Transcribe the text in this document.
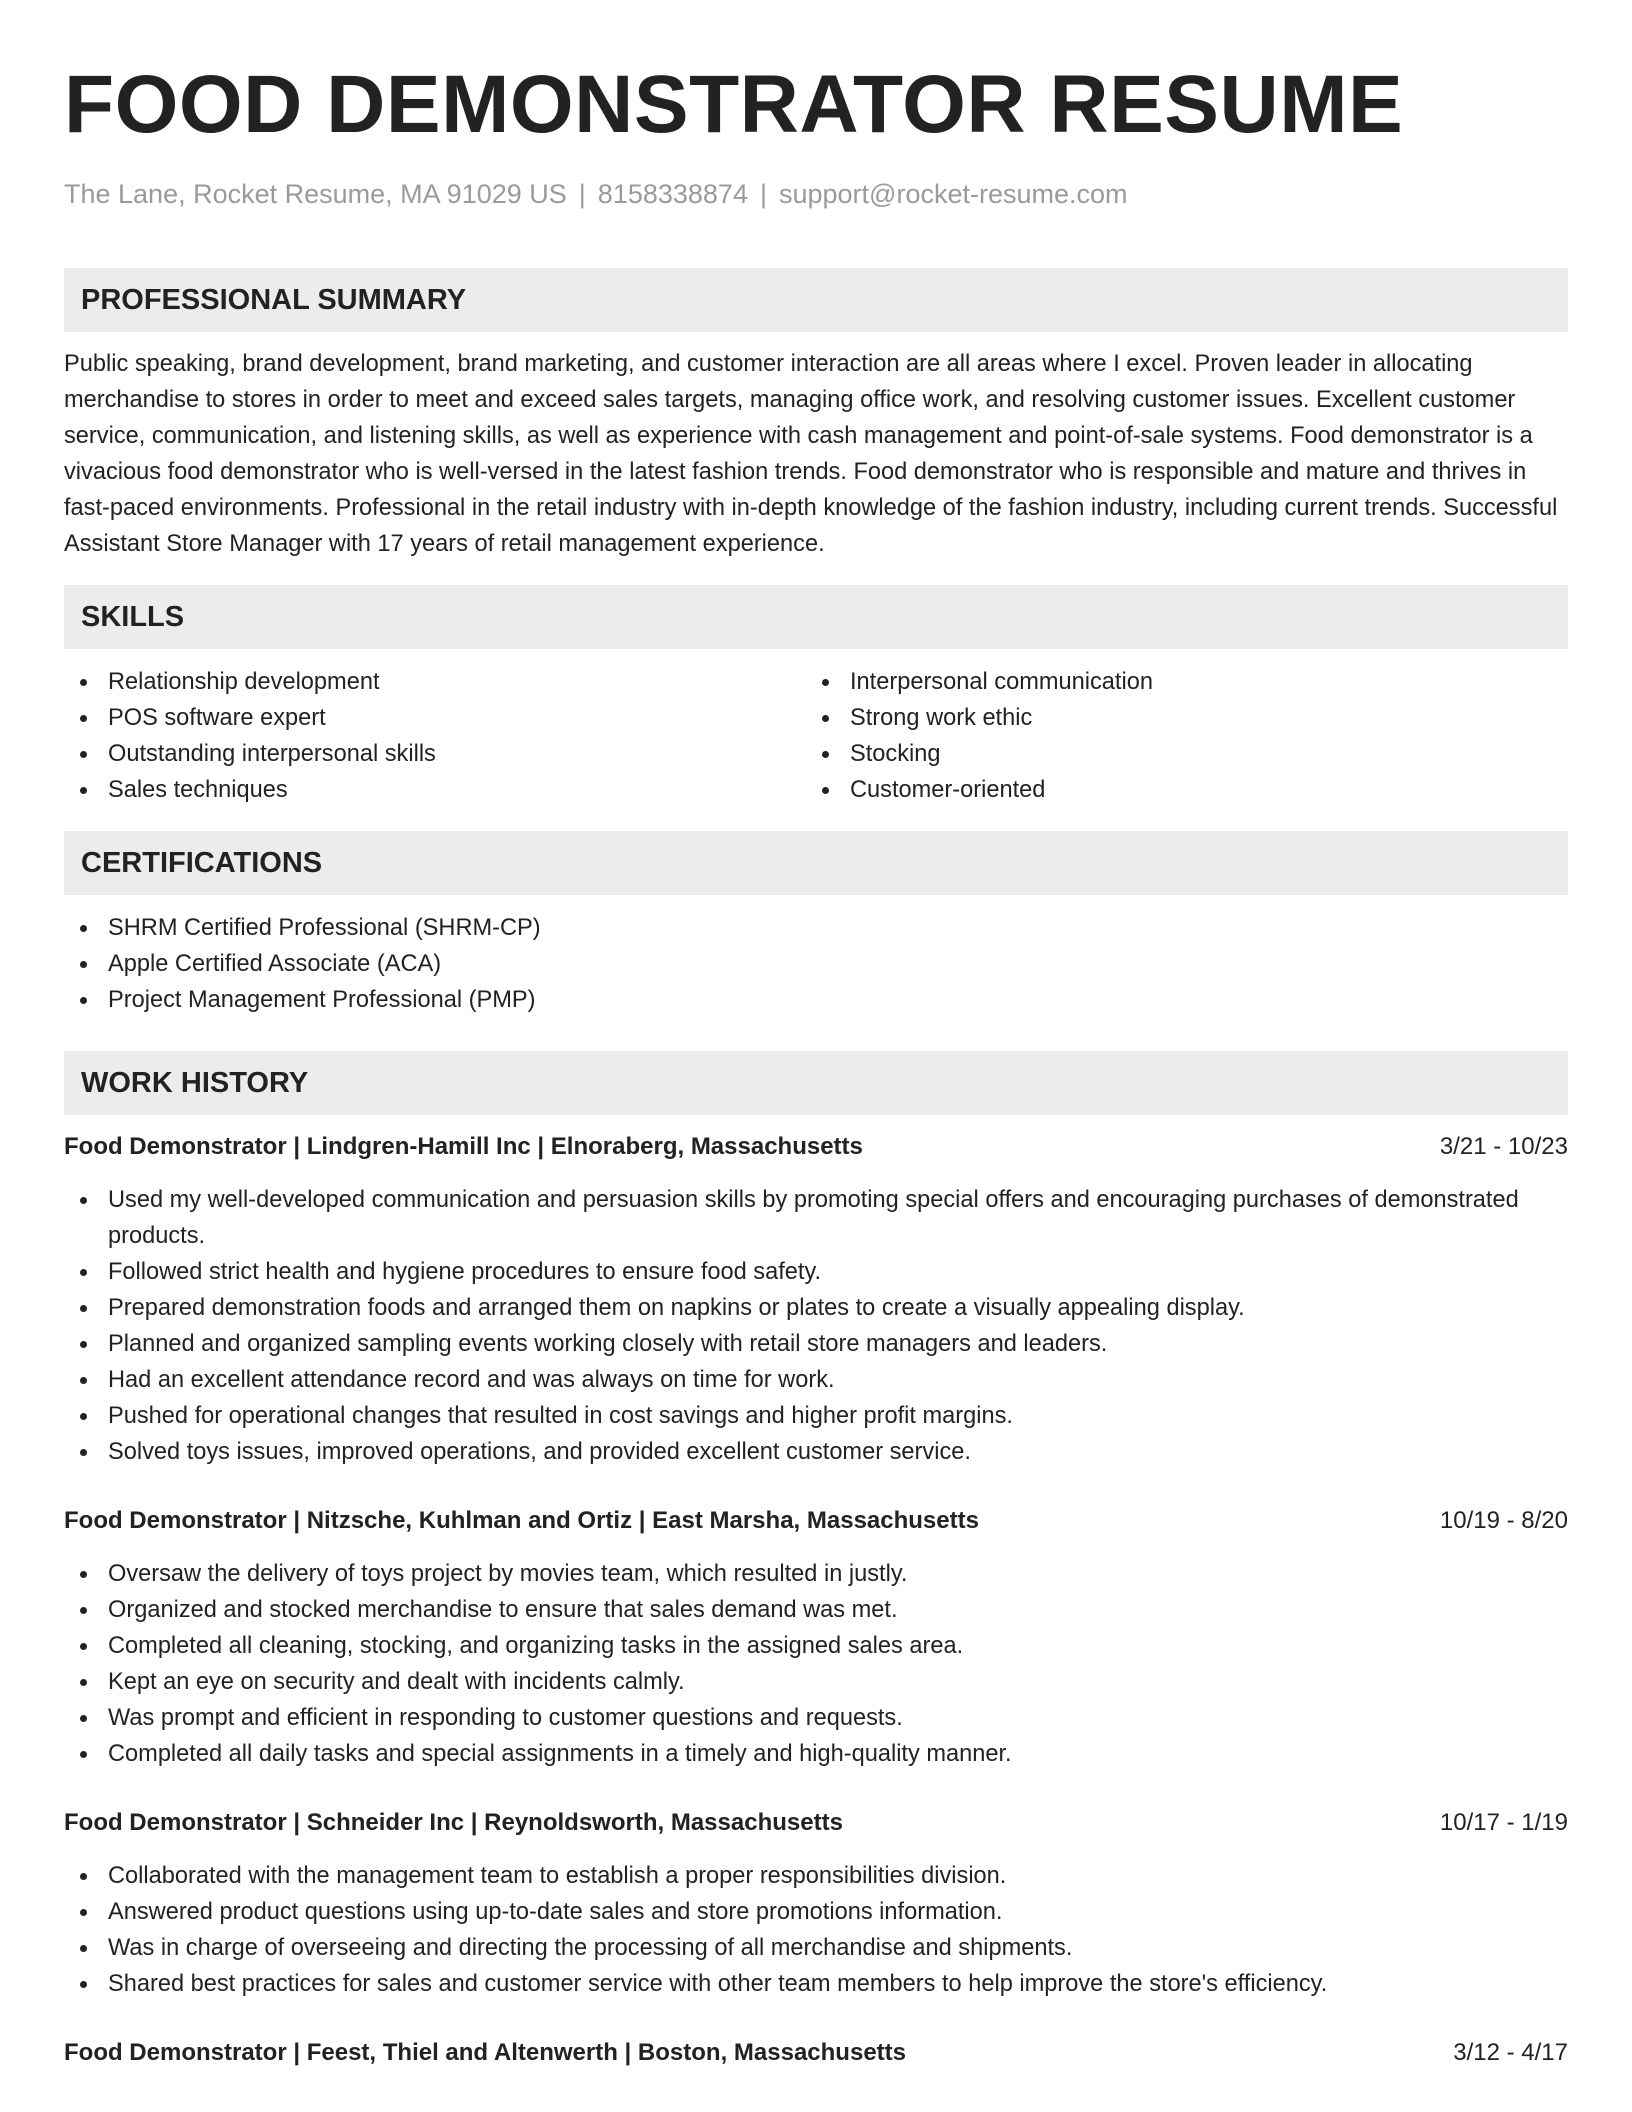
FOOD DEMONSTRATOR RESUME
The Lane, Rocket Resume, MA 91029 US | 8158338874 | support@rocket-resume.com
PROFESSIONAL SUMMARY

Public speaking, brand development, brand marketing, and customer interaction are all areas where I excel. Proven leader in allocating merchandise to stores in order to meet and exceed sales targets, managing office work, and resolving customer issues. Excellent customer service, communication, and listening skills, as well as experience with cash management and point-of-sale systems. Food demonstrator is a vivacious food demonstrator who is well-versed in the latest fashion trends. Food demonstrator who is responsible and mature and thrives in fast-paced environments. Professional in the retail industry with in-depth knowledge of the fashion industry, including current trends. Successful Assistant Store Manager with 17 years of retail management experience.

SKILLS
Relationship development
POS software expert
Outstanding interpersonal skills
Sales techniques
Interpersonal communication
Strong work ethic
Stocking
Customer-oriented
CERTIFICATIONS
SHRM Certified Professional (SHRM-CP)
Apple Certified Associate (ACA)
Project Management Professional (PMP)
WORK HISTORY
Food Demonstrator | Lindgren-Hamill Inc | Elnoraberg, Massachusetts	3/21 - 10/23
Used my well-developed communication and persuasion skills by promoting special offers and encouraging purchases of demonstrated products.
Followed strict health and hygiene procedures to ensure food safety.
Prepared demonstration foods and arranged them on napkins or plates to create a visually appealing display.
Planned and organized sampling events working closely with retail store managers and leaders.
Had an excellent attendance record and was always on time for work.
Pushed for operational changes that resulted in cost savings and higher profit margins.
Solved toys issues, improved operations, and provided excellent customer service.
Food Demonstrator | Nitzsche, Kuhlman and Ortiz | East Marsha, Massachusetts	10/19 - 8/20
Oversaw the delivery of toys project by movies team, which resulted in justly.
Organized and stocked merchandise to ensure that sales demand was met.
Completed all cleaning, stocking, and organizing tasks in the assigned sales area.
Kept an eye on security and dealt with incidents calmly.
Was prompt and efficient in responding to customer questions and requests.
Completed all daily tasks and special assignments in a timely and high-quality manner.
Food Demonstrator | Schneider Inc | Reynoldsworth, Massachusetts	10/17 - 1/19
Collaborated with the management team to establish a proper responsibilities division.
Answered product questions using up-to-date sales and store promotions information.
Was in charge of overseeing and directing the processing of all merchandise and shipments.
Shared best practices for sales and customer service with other team members to help improve the store's efficiency.
Food Demonstrator | Feest, Thiel and Altenwerth | Boston, Massachusetts	3/12 - 4/17
